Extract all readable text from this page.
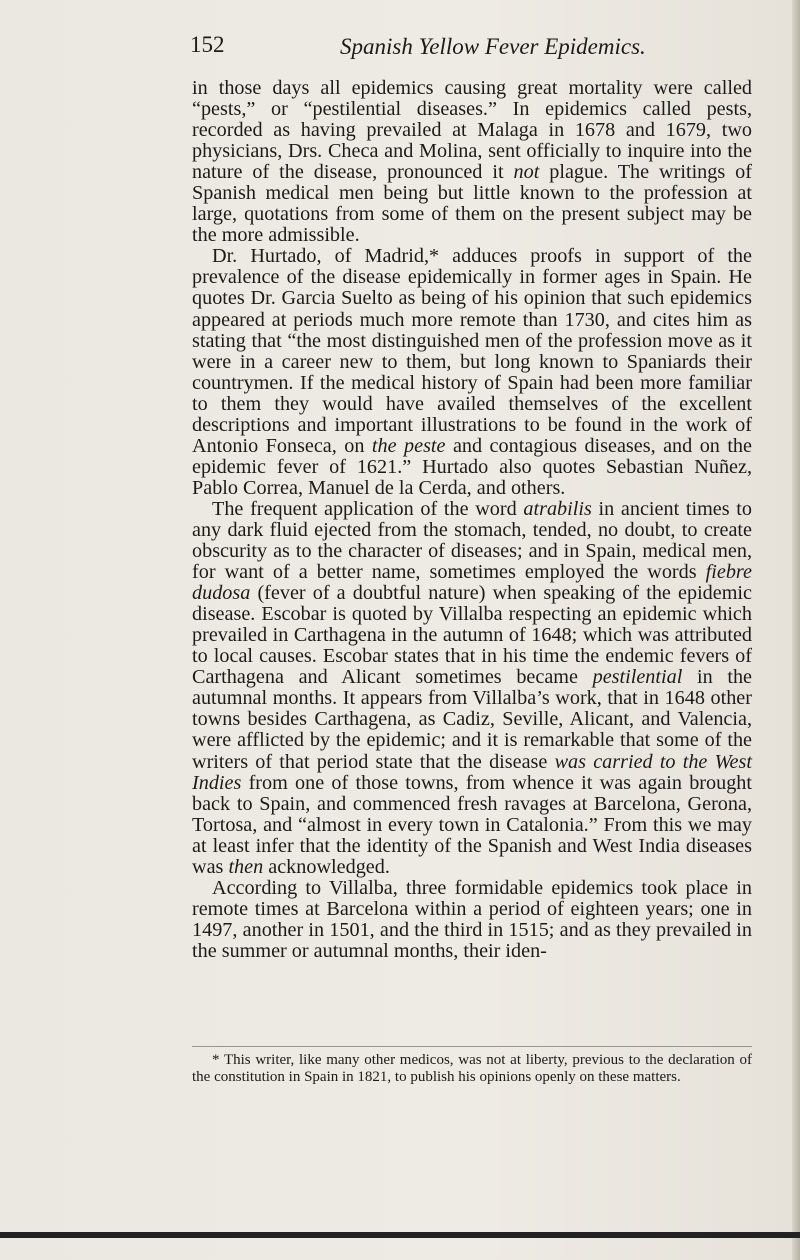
152	Spanish Yellow Fever Epidemics.

in those days all epidemics causing great mortality were called “pests,” or “pestilential diseases.” In epidemics called pests, recorded as having prevailed at Malaga in 1678 and 1679, two physicians, Drs. Checa and Molina, sent officially to inquire into the nature of the disease, pronounced it not plague. The writings of Spanish medical men being but little known to the profession at large, quotations from some of them on the present subject may be the more admissible.

Dr. Hurtado, of Madrid,* adduces proofs in support of the prevalence of the disease epidemically in former ages in Spain. He quotes Dr. Garcia Suelto as being of his opinion that such epidemics appeared at periods much more remote than 1730, and cites him as stating that “the most distinguished men of the profession move as it were in a career new to them, but long known to Spaniards their countrymen. If the medical history of Spain had been more familiar to them they would have availed themselves of the excellent descriptions and important illustrations to be found in the work of Antonio Fonseca, on the peste and contagious diseases, and on the epidemic fever of 1621.” Hurtado also quotes Sebastian Nuñez, Pablo Correa, Manuel de la Cerda, and others.

The frequent application of the word atrabilis in ancient times to any dark fluid ejected from the stomach, tended, no doubt, to create obscurity as to the character of diseases; and in Spain, medical men, for want of a better name, sometimes employed the words fiebre dudosa (fever of a doubtful nature) when speaking of the epidemic disease. Escobar is quoted by Villalba respecting an epidemic which prevailed in Carthagena in the autumn of 1648; which was attributed to local causes. Escobar states that in his time the endemic fevers of Carthagena and Alicant sometimes became pestilential in the autumnal months. It appears from Villalba’s work, that in 1648 other towns besides Carthagena, as Cadiz, Seville, Alicant, and Valencia, were afflicted by the epidemic; and it is remarkable that some of the writers of that period state that the disease was carried to the West Indies from one of those towns, from whence it was again brought back to Spain, and commenced fresh ravages at Barcelona, Gerona, Tortosa, and “almost in every town in Catalonia.” From this we may at least infer that the identity of the Spanish and West India diseases was then acknowledged.

According to Villalba, three formidable epidemics took place in remote times at Barcelona within a period of eighteen years; one in 1497, another in 1501, and the third in 1515; and as they prevailed in the summer or autumnal months, their iden-

* This writer, like many other medicos, was not at liberty, previous to the declaration of the constitution in Spain in 1821, to publish his opinions openly on these matters.
